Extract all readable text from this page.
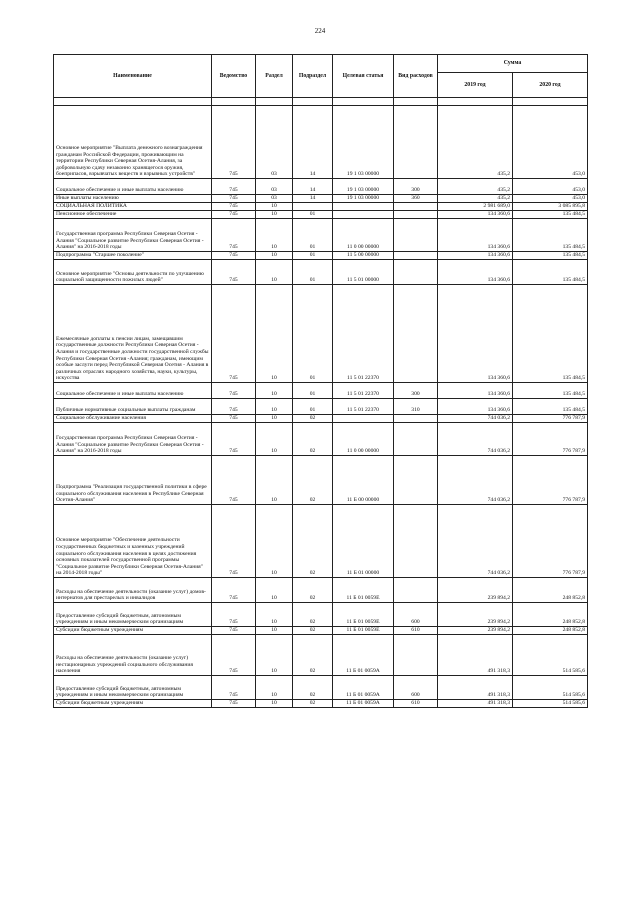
224
Наименование	Ведомство	Раздел	Подраздел	Целевая статья	Вид расходов	Сумма	
						2019 год	2020 год

Основное мероприятие "Выплата денежного вознаграждения гражданам Российской Федерации, проживающим на территории Республики Северная Осетия-Алания, за добровольную сдачу незаконно хранящегося оружия, боеприпасов, взрывчатых веществ и взрывных устройств"	745	03	14	19 1 03 00000		435,2	453,0
Социальное обеспечение и иные выплаты населению	745	03	14	19 1 03 00000	300	435,2	453,0
Иные выплаты населению	745	03	14	19 1 03 00000	360	435,2	453,0
СОЦИАЛЬНАЯ ПОЛИТИКА	745	10				2 981 689,0	3 085 895,8
Пенсионное обеспечение	745	10	01			134 360,6	135 484,5
Государственная программа Республики Северная Осетия - Алания "Социальное развитие Республики Северная Осетия - Алания" на 2016-2018 годы	745	10	01	11 0 00 00000		134 360,6	135 484,5
Подпрограмма "Старшее поколение"	745	10	01	11 5 00 00000		134 360,6	135 484,5
Основное мероприятие "Основы деятельности по улучшению социальной защищенности пожилых людей"	745	10	01	11 5 01 00000		134 360,6	135 484,5
Ежемесячные доплаты к пенсии лицам, замещавшим государственные должности Республики Северная Осетия - Алания и государственные должности государственной службы Республики Северная Осетия -Алания; гражданам, имеющим особые заслуги перед Республикой Северная Осетия - Алания в различных отраслях народного хозяйства, науки, культуры, искусства	745	10	01	11 5 01 22370		134 360,6	135 484,5
Социальное обеспечение и иные выплаты населению	745	10	01	11 5 01 22370	300	134 360,6	135 484,5
Публичные нормативные социальные выплаты гражданам	745	10	01	11 5 01 22370	310	134 360,6	135 484,5
Социальное обслуживание населения	745	10	02			744 036,2	776 787,9
Государственная программа Республики Северная Осетия - Алания "Социальное развитие Республики Северная Осетия - Алания" на 2016-2018 годы	745	10	02	11 0 00 00000		744 036,2	776 787,9
Подпрограмма "Реализация государственной политики в сфере социального обслуживания населения в Республике Северная Осетия-Алания"	745	10	02	11 Б 00 00000		744 036,2	776 787,9
Основное мероприятие "Обеспечение деятельности государственных бюджетных и казенных учреждений социального обслуживания населения в целях достижения основных показателей государственной программы "Социальное развитие Республики Северная Осетия-Алания" на 2014-2018 годы"	745	10	02	11 Б 01 00000		744 036,2	776 787,9
Расходы на обеспечение деятельности (оказание услуг) домов-интернатов для престарелых и инвалидов	745	10	02	11 Б 01 0059Е		239 894,2	248 852,8
Предоставление субсидий бюджетным, автономным учреждениям и иным некоммерческим организациям	745	10	02	11 Б 01 0059Е	600	239 894,2	248 852,8
Субсидии бюджетным учреждениям	745	10	02	11 Б 01 0059Е	610	239 894,2	248 852,8
Расходы на обеспечение деятельности (оказание услуг) нестационарных учреждений социального обслуживания населения	745	10	02	11 Б 01 0059А		491 318,3	514 585,6
Предоставление субсидий бюджетным, автономным учреждениям и иным некоммерческим организациям	745	10	02	11 Б 01 0059А	600	491 318,3	514 585,6
Субсидии бюджетным учреждениям	745	10	02	11 Б 01 0059А	610	491 318,3	514 585,6
